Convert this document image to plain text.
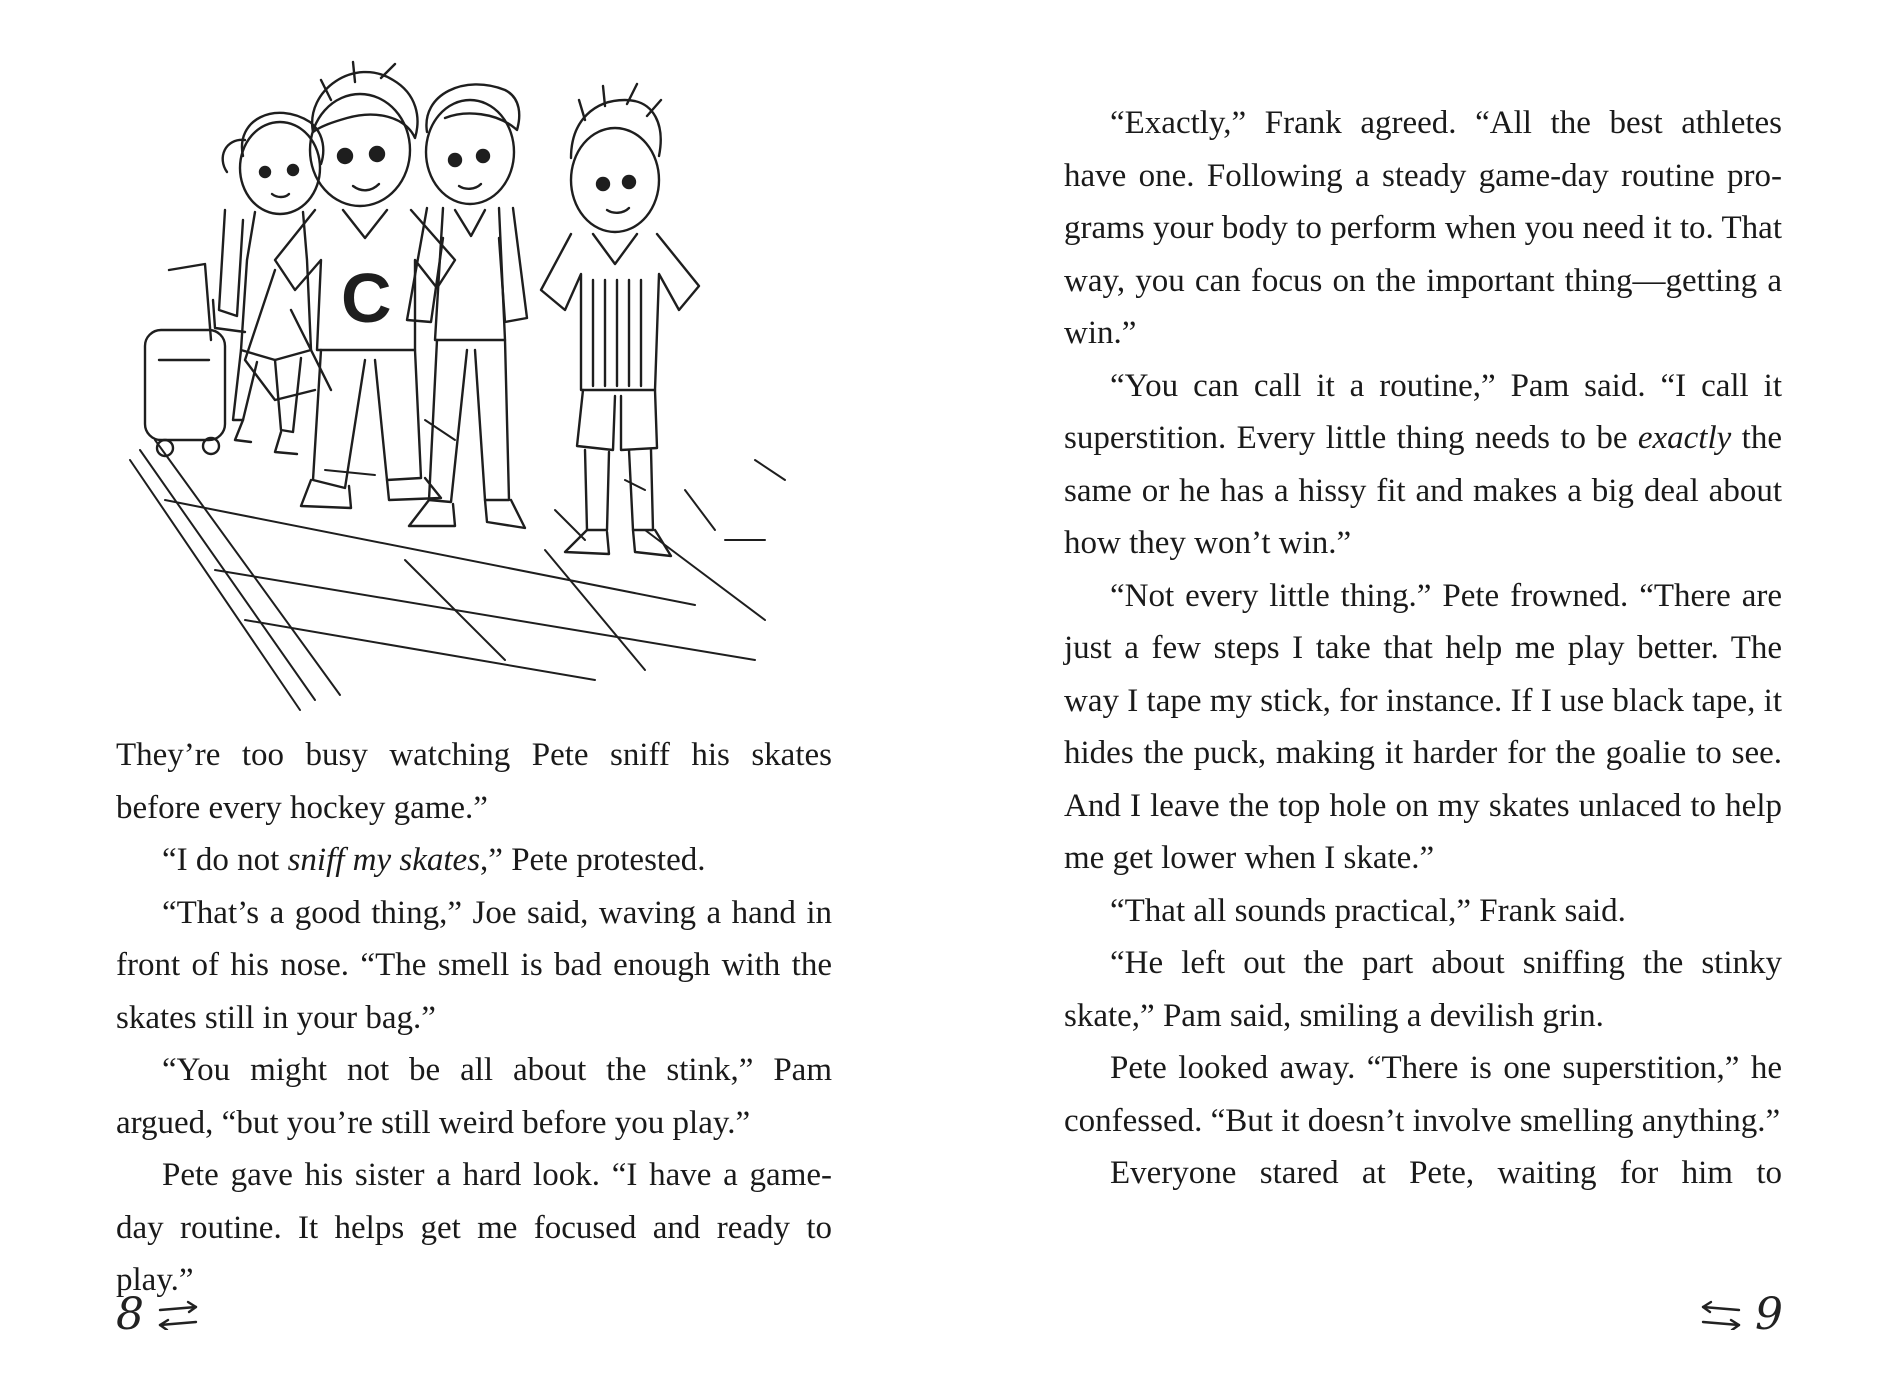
C

They’re too busy watching Pete sniff his skates before every hockey game.”

“I do not sniff my skates,” Pete protested.

“That’s a good thing,” Joe said, waving a hand in front of his nose. “The smell is bad enough with the skates still in your bag.”

“You might not be all about the stink,” Pam argued, “but you’re still weird before you play.”

Pete gave his sister a hard look. “I have a game-day routine. It helps get me focused and ready to play.”

8

“Exactly,” Frank agreed. “All the best athletes have one. Following a steady game-day routine programs your body to perform when you need it to. That way, you can focus on the important thing—getting a win.”

“You can call it a routine,” Pam said. “I call it superstition. Every little thing needs to be exactly the same or he has a hissy fit and makes a big deal about how they won’t win.”

“Not every little thing.” Pete frowned. “There are just a few steps I take that help me play better. The way I tape my stick, for instance. If I use black tape, it hides the puck, making it harder for the goalie to see. And I leave the top hole on my skates unlaced to help me get lower when I skate.”

“That all sounds practical,” Frank said.

“He left out the part about sniffing the stinky skate,” Pam said, smiling a devilish grin.

Pete looked away. “There is one superstition,” he confessed. “But it doesn’t involve smelling anything.”

Everyone stared at Pete, waiting for him to

9
